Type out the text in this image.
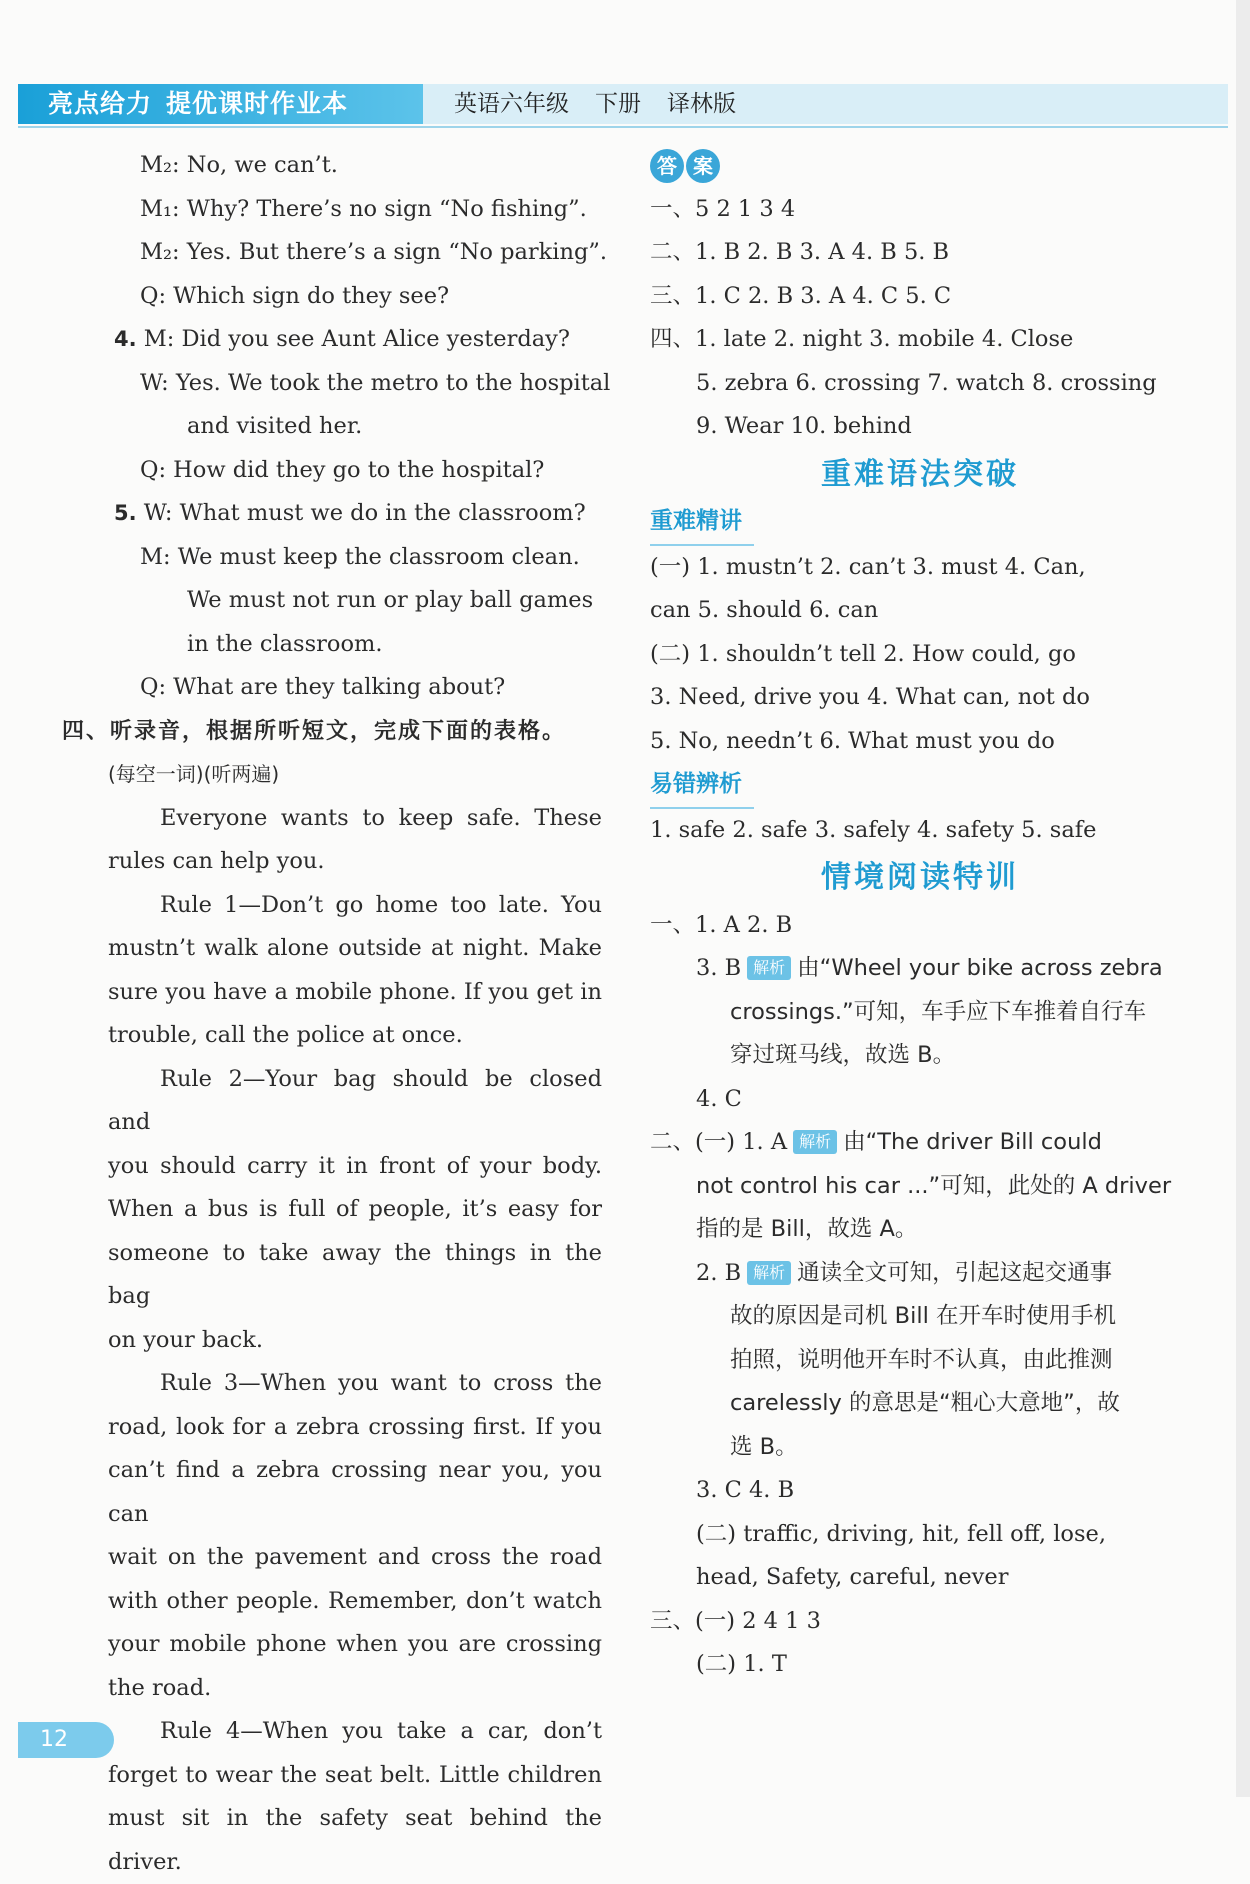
亮点给力 提优课时作业本	英语六年级 下册 译林版
M₂: No, we can’t.
M₁: Why? There’s no sign “No fishing”.
M₂: Yes. But there’s a sign “No parking”.
Q: Which sign do they see?
4. M: Did you see Aunt Alice yesterday?
W: Yes. We took the metro to the hospital
and visited her.
Q: How did they go to the hospital?
5. W: What must we do in the classroom?
M: We must keep the classroom clean.
We must not run or play ball games
in the classroom.
Q: What are they talking about?
四、听录音，根据所听短文，完成下面的表格。
(每空一词)(听两遍)
Everyone wants to keep safe. These
rules can help you.
Rule 1—Don’t go home too late. You
mustn’t walk alone outside at night. Make
sure you have a mobile phone. If you get in
trouble, call the police at once.
Rule 2—Your bag should be closed and
you should carry it in front of your body.
When a bus is full of people, it’s easy for
someone to take away the things in the bag
on your back.
Rule 3—When you want to cross the
road, look for a zebra crossing first. If you
can’t find a zebra crossing near you, you can
wait on the pavement and cross the road
with other people. Remember, don’t watch
your mobile phone when you are crossing
the road.
Rule 4—When you take a car, don’t
forget to wear the seat belt. Little children
must sit in the safety seat behind the driver.
答 案
一、5 2 1 3 4
二、1. B 2. B 3. A 4. B 5. B
三、1. C 2. B 3. A 4. C 5. C
四、1. late 2. night 3. mobile 4. Close
5. zebra 6. crossing 7. watch 8. crossing
9. Wear 10. behind
重难语法突破
重难精讲
(一) 1. mustn’t 2. can’t 3. must 4. Can,
can 5. should 6. can
(二) 1. shouldn’t tell 2. How could, go
3. Need, drive you 4. What can, not do
5. No, needn’t 6. What must you do
易错辨析
1. safe 2. safe 3. safely 4. safety 5. safe
情境阅读特训
一、1. A 2. B
3. B 解析 由“Wheel your bike across zebra
crossings.”可知，车手应下车推着自行车
穿过斑马线，故选 B。
4. C
二、(一) 1. A 解析 由“The driver Bill could
not control his car ...”可知，此处的 A driver
指的是 Bill，故选 A。
2. B 解析 通读全文可知，引起这起交通事
故的原因是司机 Bill 在开车时使用手机
拍照，说明他开车时不认真，由此推测
carelessly 的意思是“粗心大意地”，故
选 B。
3. C 4. B
(二) traffic, driving, hit, fell off, lose,
head, Safety, careful, never
三、(一) 2 4 1 3
(二) 1. T
12
